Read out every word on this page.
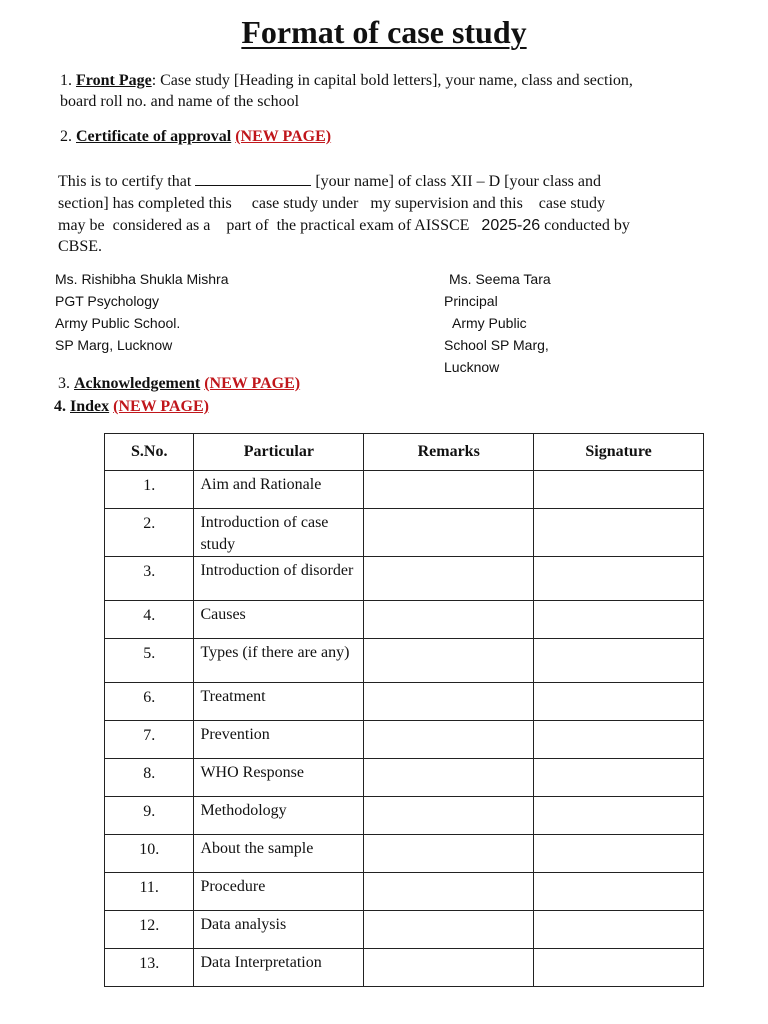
Format of case study
1. Front Page: Case study [Heading in capital bold letters], your name, class and section,
board roll no. and name of the school
2. Certificate of approval (NEW PAGE)
This is to certify that	[your name] of class XII – D [your class and
section] has completed this     case study under   my supervision and this    case study
may be  considered as a    part of  the practical exam of AISSCE 2025-26 conducted by
CBSE.
Ms. Rishibha Shukla Mishra
PGT Psychology
Army Public School.
SP Marg, Lucknow
Ms. Seema Tara
Principal
Army Public
School SP Marg,
Lucknow
3. Acknowledgement (NEW PAGE)
4. Index (NEW PAGE)
S.No.	Particular	Remarks	Signature
1.	Aim and Rationale		
2.	Introduction of case study		
3.	Introduction of disorder		
4.	Causes		
5.	Types (if there are any)		
6.	Treatment		
7.	Prevention		
8.	WHO Response		
9.	Methodology		
10.	About the sample		
11.	Procedure		
12.	Data analysis		
13.	Data Interpretation		
